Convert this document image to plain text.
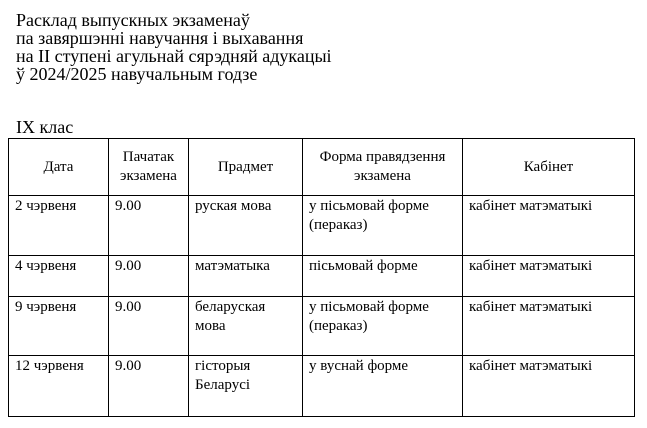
Расклад выпускных экзаменаў
па завяршэнні навучання і выхавання
на ІІ ступені агульнай сярэдняй адукацыі
ў 2024/2025 навучальным годзе
IX клас
Дата	Пачатак экзамена	Прадмет	Форма правядзення экзамена	Кабінет
2 чэрвеня	9.00	руская мова	у пісьмовай форме (пераказ)	кабінет матэматыкі
4 чэрвеня	9.00	матэматыка	пісьмовай форме	кабінет матэматыкі
9 чэрвеня	9.00	беларуская мова	у пісьмовай форме (пераказ)	кабінет матэматыкі
12 чэрвеня	9.00	гісторыя Беларусі	у вуснай форме	кабінет матэматыкі
